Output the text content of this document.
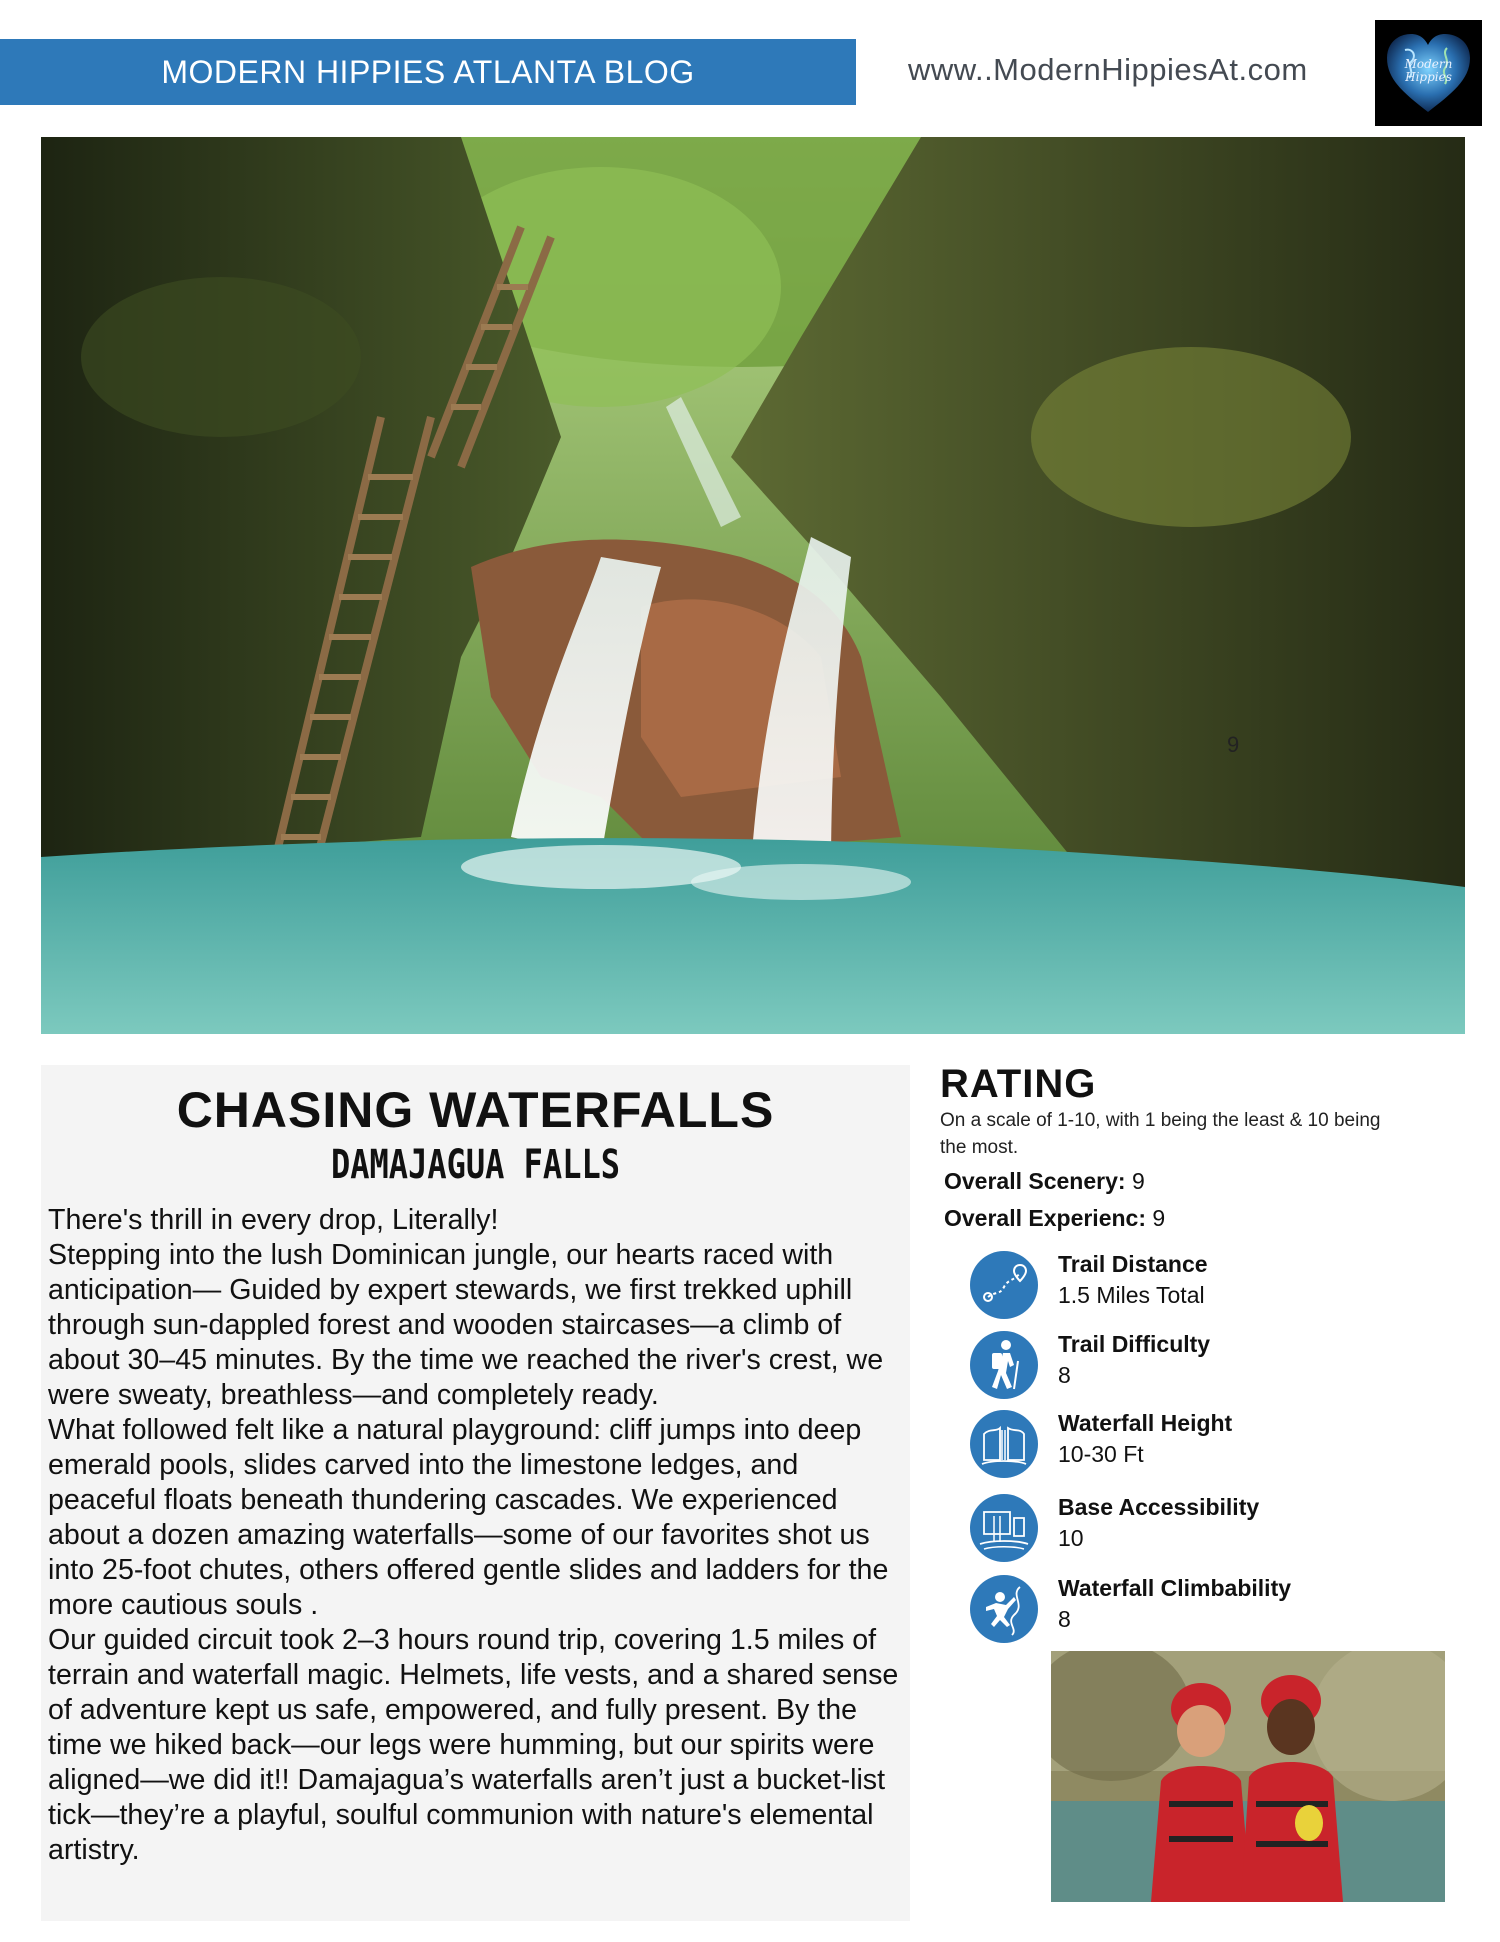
MODERN HIPPIES ATLANTA BLOG	www..ModernHippiesAt.com	Modern
Hippies
9
CHASING WATERFALLS
DAMAJAGUA FALLS

There's thrill in every drop, Literally!

Stepping into the lush Dominican jungle, our hearts raced with anticipation— Guided by expert stewards, we first trekked uphill through sun-dappled forest and wooden staircases—a climb of about 30–45 minutes. By the time we reached the river's crest, we were sweaty, breathless—and completely ready.

What followed felt like a natural playground: cliff jumps into deep emerald pools, slides carved into the limestone ledges, and peaceful floats beneath thundering cascades. We experienced about a dozen amazing waterfalls—some of our favorites shot us into 25-foot chutes, others offered gentle slides and ladders for the more cautious souls .

Our guided circuit took 2–3 hours round trip, covering 1.5 miles of terrain and waterfall magic. Helmets, life vests, and a shared sense of adventure kept us safe, empowered, and fully present. By the time we hiked back—our legs were humming, but our spirits were aligned—we did it!! Damajagua’s waterfalls aren’t just a bucket-list tick—they’re a playful, soulful communion with nature's elemental artistry.

RATING
On a scale of 1-10, with 1 being the least & 10 being the most.
Overall Scenery: 9
Overall Experienc: 9
Trail Distance
1.5 Miles Total
Trail Difficulty
8
Waterfall Height
10-30 Ft
Base Accessibility
10
Waterfall Climbability
8
